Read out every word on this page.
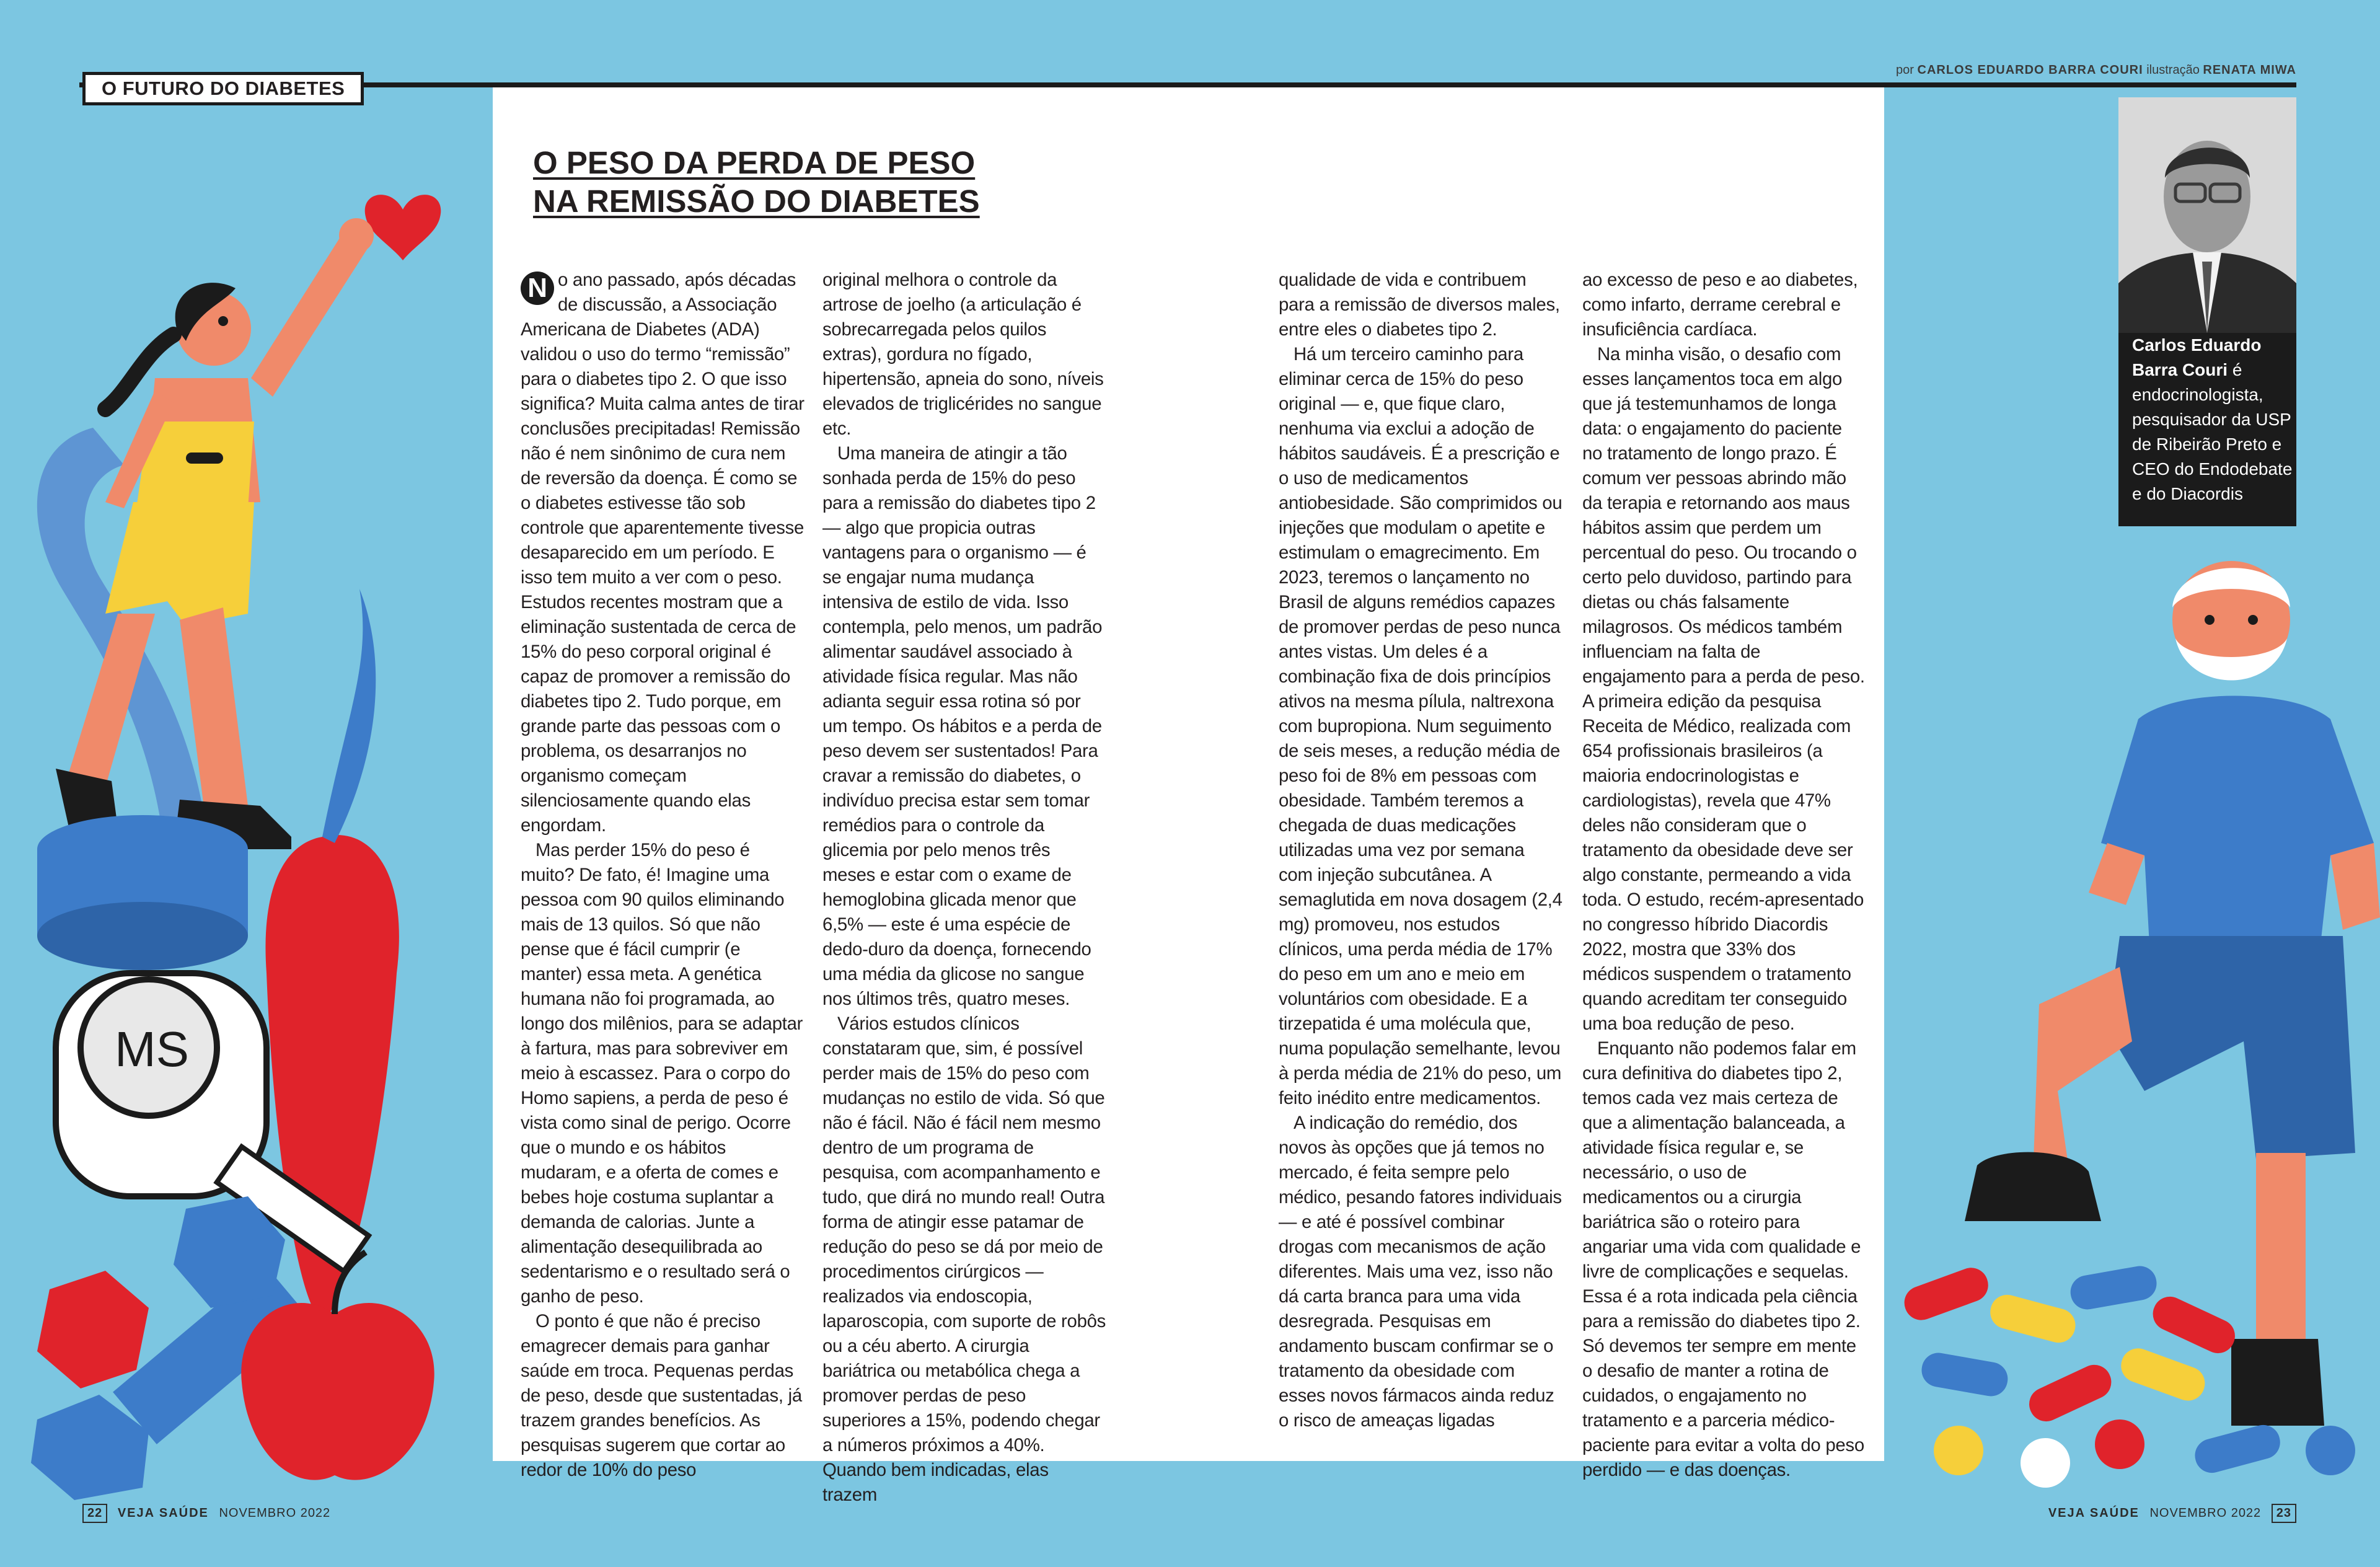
O FUTURO DO DIABETES
por CARLOS EDUARDO BARRA COURI ilustração RENATA MIWA
MS
O PESO DA PERDA DE PESO
NA REMISSÃO DO DIABETES

N o ano passado, após décadas de discussão, a Associação Americana de Diabetes (ADA) validou o uso do termo “remissão” para o diabetes tipo 2. O que isso significa? Muita calma antes de tirar conclusões precipitadas! Remissão não é nem sinônimo de cura nem de reversão da doença. É como se o diabetes estivesse tão sob controle que aparentemente tivesse desaparecido em um período. E isso tem muito a ver com o peso. Estudos recentes mostram que a eliminação sustentada de cerca de 15% do peso corporal original é capaz de promover a remissão do diabetes tipo 2. Tudo porque, em grande parte das pessoas com o problema, os desarranjos no organismo começam silenciosamente quando elas engordam.

Mas perder 15% do peso é muito? De fato, é! Imagine uma pessoa com 90 quilos eliminando mais de 13 quilos. Só que não pense que é fácil cumprir (e manter) essa meta. A genética humana não foi programada, ao longo dos milênios, para se adaptar à fartura, mas para sobreviver em meio à escassez. Para o corpo do Homo sapiens, a perda de peso é vista como sinal de perigo. Ocorre que o mundo e os hábitos mudaram, e a oferta de comes e bebes hoje costuma suplantar a demanda de calorias. Junte a alimentação desequilibrada ao sedentarismo e o resultado será o ganho de peso.

O ponto é que não é preciso emagrecer demais para ganhar saúde em troca. Pequenas perdas de peso, desde que sustentadas, já trazem grandes benefícios. As pesquisas sugerem que cortar ao redor de 10% do peso

original melhora o controle da artrose de joelho (a articulação é sobrecarregada pelos quilos extras), gordura no fígado, hipertensão, apneia do sono, níveis elevados de triglicérides no sangue etc.

Uma maneira de atingir a tão sonhada perda de 15% do peso para a remissão do diabetes tipo 2 — algo que propicia outras vantagens para o organismo — é se engajar numa mudança intensiva de estilo de vida. Isso contempla, pelo menos, um padrão alimentar saudável associado à atividade física regular. Mas não adianta seguir essa rotina só por um tempo. Os hábitos e a perda de peso devem ser sustentados! Para cravar a remissão do diabetes, o indivíduo precisa estar sem tomar remédios para o controle da glicemia por pelo menos três meses e estar com o exame de hemoglobina glicada menor que 6,5% — este é uma espécie de dedo-duro da doença, fornecendo uma média da glicose no sangue nos últimos três, quatro meses.

Vários estudos clínicos constataram que, sim, é possível perder mais de 15% do peso com mudanças no estilo de vida. Só que não é fácil. Não é fácil nem mesmo dentro de um programa de pesquisa, com acompanhamento e tudo, que dirá no mundo real! Outra forma de atingir esse patamar de redução do peso se dá por meio de procedimentos cirúrgicos — realizados via endoscopia, laparoscopia, com suporte de robôs ou a céu aberto. A cirurgia bariátrica ou metabólica chega a promover perdas de peso superiores a 15%, podendo chegar a números próximos a 40%. Quando bem indicadas, elas trazem

qualidade de vida e contribuem para a remissão de diversos males, entre eles o diabetes tipo 2.

Há um terceiro caminho para eliminar cerca de 15% do peso original — e, que fique claro, nenhuma via exclui a adoção de hábitos saudáveis. É a prescrição e o uso de medicamentos antiobesidade. São comprimidos ou injeções que modulam o apetite e estimulam o emagrecimento. Em 2023, teremos o lançamento no Brasil de alguns remédios capazes de promover perdas de peso nunca antes vistas. Um deles é a combinação fixa de dois princípios ativos na mesma pílula, naltrexona com bupropiona. Num seguimento de seis meses, a redução média de peso foi de 8% em pessoas com obesidade. Também teremos a chegada de duas medicações utilizadas uma vez por semana com injeção subcutânea. A semaglutida em nova dosagem (2,4 mg) promoveu, nos estudos clínicos, uma perda média de 17% do peso em um ano e meio em voluntários com obesidade. E a tirzepatida é uma molécula que, numa população semelhante, levou à perda média de 21% do peso, um feito inédito entre medicamentos.

A indicação do remédio, dos novos às opções que já temos no mercado, é feita sempre pelo médico, pesando fatores individuais — e até é possível combinar drogas com mecanismos de ação diferentes. Mais uma vez, isso não dá carta branca para uma vida desregrada. Pesquisas em andamento buscam confirmar se o tratamento da obesidade com esses novos fármacos ainda reduz o risco de ameaças ligadas

ao excesso de peso e ao diabetes, como infarto, derrame cerebral e insuficiência cardíaca.

Na minha visão, o desafio com esses lançamentos toca em algo que já testemunhamos de longa data: o engajamento do paciente no tratamento de longo prazo. É comum ver pessoas abrindo mão da terapia e retornando aos maus hábitos assim que perdem um percentual do peso. Ou trocando o certo pelo duvidoso, partindo para dietas ou chás falsamente milagrosos. Os médicos também influenciam na falta de engajamento para a perda de peso. A primeira edição da pesquisa Receita de Médico, realizada com 654 profissionais brasileiros (a maioria endocrinologistas e cardiologistas), revela que 47% deles não consideram que o tratamento da obesidade deve ser algo constante, permeando a vida toda. O estudo, recém-apresentado no congresso híbrido Diacordis 2022, mostra que 33% dos médicos suspendem o tratamento quando acreditam ter conseguido uma boa redução de peso.

Enquanto não podemos falar em cura definitiva do diabetes tipo 2, temos cada vez mais certeza de que a alimentação balanceada, a atividade física regular e, se necessário, o uso de medicamentos ou a cirurgia bariátrica são o roteiro para angariar uma vida com qualidade e livre de complicações e sequelas. Essa é a rota indicada pela ciência para a remissão do diabetes tipo 2. Só devemos ter sempre em mente o desafio de manter a rotina de cuidados, o engajamento no tratamento e a parceria médico-paciente para evitar a volta do peso perdido — e das doenças.

Carlos Eduardo Barra Couri é endocrinologista, pesquisador da USP de Ribeirão Preto e CEO do Endodebate e do Diacordis
22 VEJA SAÚDE NOVEMBRO 2022	VEJA SAÚDE NOVEMBRO 2022 23
